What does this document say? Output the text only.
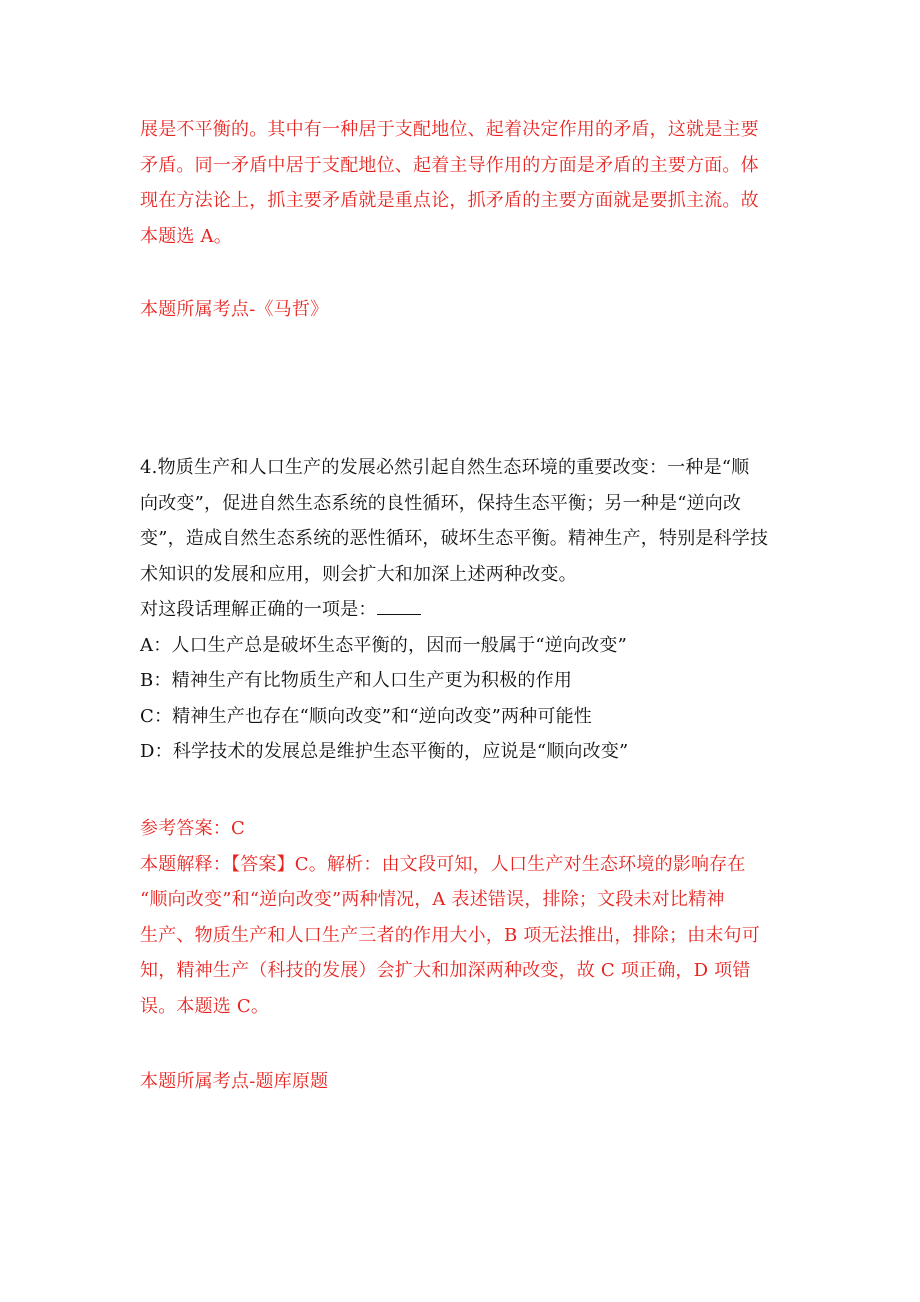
展是不平衡的。其中有一种居于支配地位、起着决定作用的矛盾，这就是主要
矛盾。同一矛盾中居于支配地位、起着主导作用的方面是矛盾的主要方面。体
现在方法论上，抓主要矛盾就是重点论，抓矛盾的主要方面就是要抓主流。故
本题选 A。
本题所属考点-《马哲》
4.物质生产和人口生产的发展必然引起自然生态环境的重要改变：一种是“顺
向改变”，促进自然生态系统的良性循环，保持生态平衡；另一种是“逆向改
变”，造成自然生态系统的恶性循环，破坏生态平衡。精神生产，特别是科学技
术知识的发展和应用，则会扩大和加深上述两种改变。
对这段话理解正确的一项是：
A：人口生产总是破坏生态平衡的，因而一般属于“逆向改变”
B：精神生产有比物质生产和人口生产更为积极的作用
C：精神生产也存在“顺向改变”和“逆向改变”两种可能性
D：科学技术的发展总是维护生态平衡的，应说是“顺向改变”
参考答案：C
本题解释：【答案】C。解析：由文段可知，人口生产对生态环境的影响存在
“顺向改变”和“逆向改变”两种情况，A 表述错误，排除；文段未对比精神
生产、物质生产和人口生产三者的作用大小，B 项无法推出，排除；由末句可
知，精神生产（科技的发展）会扩大和加深两种改变，故 C 项正确，D 项错
误。本题选 C。
本题所属考点-题库原题
